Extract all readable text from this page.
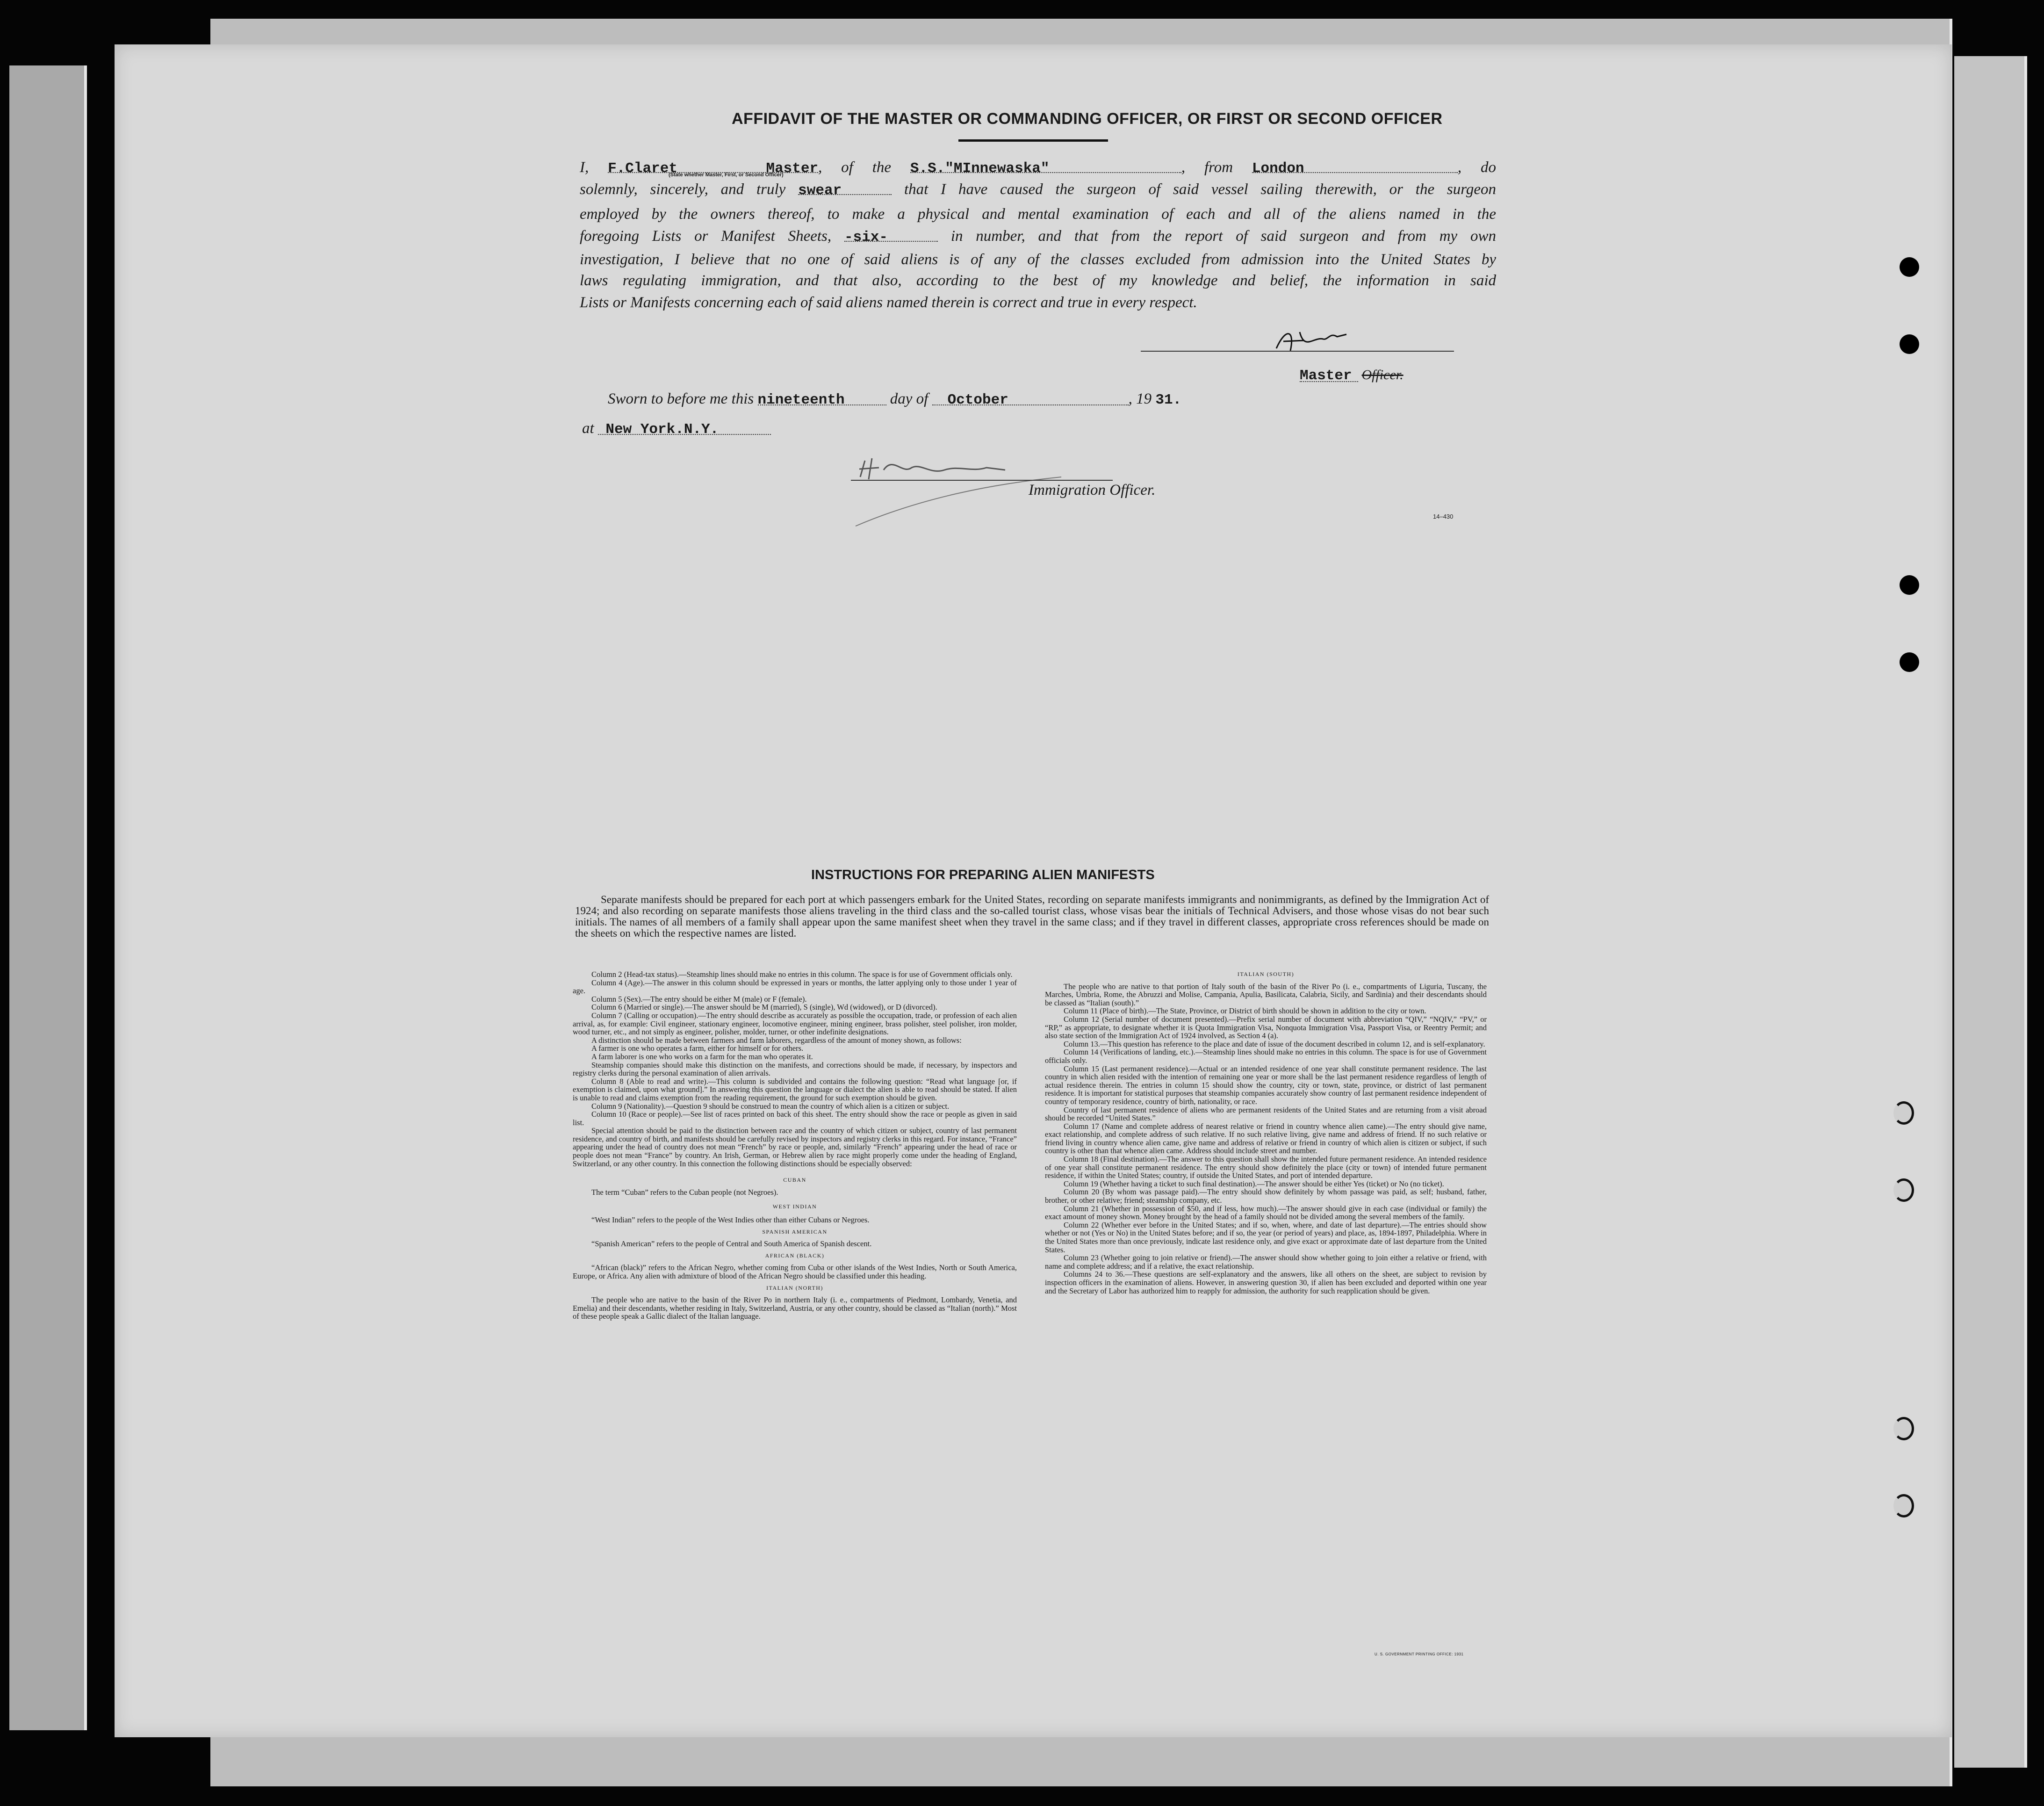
AFFIDAVIT OF THE MASTER OR COMMANDING OFFICER, OR FIRST OR SECOND OFFICER
I, F.Claret	Master, of the S.S."MInnewaska"	, from London	, do
(State whether Master, First, or Second Officer)
solemnly, sincerely, and truly swear	that I have caused the surgeon of said vessel sailing therewith, or the surgeon
employed by the owners thereof, to make a physical and mental examination of each and all of the aliens named in the
foregoing Lists or Manifest Sheets, -six-	in number, and that from the report of said surgeon and from my own
investigation, I believe that no one of said aliens is of any of the classes excluded from admission into the United States by
laws regulating immigration, and that also, according to the best of my knowledge and belief, the information in said
Lists or Manifests concerning each of said aliens named therein is correct and true in every respect.
Master Officer.
Sworn to before me this nineteenth	day of October	, 19 31.
at New York.N.Y.
Immigration Officer.
14–430
INSTRUCTIONS FOR PREPARING ALIEN MANIFESTS
Separate manifests should be prepared for each port at which passengers embark for the United States, recording on separate manifests immigrants and nonimmigrants, as defined by the Immigration Act of 1924; and also recording on separate manifests those aliens traveling in the third class and the so-called tourist class, whose visas bear the initials of Technical Advisers, and those whose visas do not bear such initials. The names of all members of a family shall appear upon the same manifest sheet when they travel in the same class; and if they travel in different classes, appropriate cross references should be made on the sheets on which the respective names are listed.

Column 2 (Head-tax status).—Steamship lines should make no entries in this column. The space is for use of Government officials only.

Column 4 (Age).—The answer in this column should be expressed in years or months, the latter applying only to those under 1 year of age.

Column 5 (Sex).—The entry should be either M (male) or F (female).

Column 6 (Married or single).—The answer should be M (married), S (single), Wd (widowed), or D (divorced).

Column 7 (Calling or occupation).—The entry should describe as accurately as possible the occupation, trade, or profession of each alien arrival, as, for example: Civil engineer, stationary engineer, locomotive engineer, mining engineer, brass polisher, steel polisher, iron molder, wood turner, etc., and not simply as engineer, polisher, molder, turner, or other indefinite designations.

A distinction should be made between farmers and farm laborers, regardless of the amount of money shown, as follows:

A farmer is one who operates a farm, either for himself or for others.

A farm laborer is one who works on a farm for the man who operates it.

Steamship companies should make this distinction on the manifests, and corrections should be made, if necessary, by inspectors and registry clerks during the personal examination of alien arrivals.

Column 8 (Able to read and write).—This column is subdivided and contains the following question: “Read what language [or, if exemption is claimed, upon what ground].” In answering this question the language or dialect the alien is able to read should be stated. If alien is unable to read and claims exemption from the reading requirement, the ground for such exemption should be given.

Column 9 (Nationality).—Question 9 should be construed to mean the country of which alien is a citizen or subject.

Column 10 (Race or people).—See list of races printed on back of this sheet. The entry should show the race or people as given in said list.

Special attention should be paid to the distinction between race and the country of which citizen or subject, country of last permanent residence, and country of birth, and manifests should be carefully revised by inspectors and registry clerks in this regard. For instance, “France” appearing under the head of country does not mean “French” by race or people, and, similarly “French” appearing under the head of race or people does not mean “France” by country. An Irish, German, or Hebrew alien by race might properly come under the heading of England, Switzerland, or any other country. In this connection the following distinctions should be especially observed:

CUBAN

The term “Cuban” refers to the Cuban people (not Negroes).

WEST INDIAN

“West Indian” refers to the people of the West Indies other than either Cubans or Negroes.

SPANISH AMERICAN

“Spanish American” refers to the people of Central and South America of Spanish descent.

AFRICAN (BLACK)

“African (black)” refers to the African Negro, whether coming from Cuba or other islands of the West Indies, North or South America, Europe, or Africa. Any alien with admixture of blood of the African Negro should be classified under this heading.

ITALIAN (NORTH)

The people who are native to the basin of the River Po in northern Italy (i. e., compartments of Piedmont, Lombardy, Venetia, and Emelia) and their descendants, whether residing in Italy, Switzerland, Austria, or any other country, should be classed as “Italian (north).” Most of these people speak a Gallic dialect of the Italian language.

ITALIAN (SOUTH)

The people who are native to that portion of Italy south of the basin of the River Po (i. e., compartments of Liguria, Tuscany, the Marches, Umbria, Rome, the Abruzzi and Molise, Campania, Apulia, Basilicata, Calabria, Sicily, and Sardinia) and their descendants should be classed as “Italian (south).”

Column 11 (Place of birth).—The State, Province, or District of birth should be shown in addition to the city or town.

Column 12 (Serial number of document presented).—Prefix serial number of document with abbreviation “QIV,” “NQIV,” “PV,” or “RP,” as appropriate, to designate whether it is Quota Immigration Visa, Nonquota Immigration Visa, Passport Visa, or Reentry Permit; and also state section of the Immigration Act of 1924 involved, as Section 4 (a).

Column 13.—This question has reference to the place and date of issue of the document described in column 12, and is self-explanatory.

Column 14 (Verifications of landing, etc.).—Steamship lines should make no entries in this column. The space is for use of Government officials only.

Column 15 (Last permanent residence).—Actual or an intended residence of one year shall constitute permanent residence. The last country in which alien resided with the intention of remaining one year or more shall be the last permanent residence regardless of length of actual residence therein. The entries in column 15 should show the country, city or town, state, province, or district of last permanent residence. It is important for statistical purposes that steamship companies accurately show country of last permanent residence independent of country of temporary residence, country of birth, nationality, or race.

Country of last permanent residence of aliens who are permanent residents of the United States and are returning from a visit abroad should be recorded “United States.”

Column 17 (Name and complete address of nearest relative or friend in country whence alien came).—The entry should give name, exact relationship, and complete address of such relative. If no such relative living, give name and address of friend. If no such relative or friend living in country whence alien came, give name and address of relative or friend in country of which alien is citizen or subject, if such country is other than that whence alien came. Address should include street and number.

Column 18 (Final destination).—The answer to this question shall show the intended future permanent residence. An intended residence of one year shall constitute permanent residence. The entry should show definitely the place (city or town) of intended future permanent residence, if within the United States; country, if outside the United States, and port of intended departure.

Column 19 (Whether having a ticket to such final destination).—The answer should be either Yes (ticket) or No (no ticket).

Column 20 (By whom was passage paid).—The entry should show definitely by whom passage was paid, as self; husband, father, brother, or other relative; friend; steamship company, etc.

Column 21 (Whether in possession of $50, and if less, how much).—The answer should give in each case (individual or family) the exact amount of money shown. Money brought by the head of a family should not be divided among the several members of the family.

Column 22 (Whether ever before in the United States; and if so, when, where, and date of last departure).—The entries should show whether or not (Yes or No) in the United States before; and if so, the year (or period of years) and place, as, 1894-1897, Philadelphia. Where in the United States more than once previously, indicate last residence only, and give exact or approximate date of last departure from the United States.

Column 23 (Whether going to join relative or friend).—The answer should show whether going to join either a relative or friend, with name and complete address; and if a relative, the exact relationship.

Columns 24 to 36.—These questions are self-explanatory and the answers, like all others on the sheet, are subject to revision by inspection officers in the examination of aliens. However, in answering question 30, if alien has been excluded and deported within one year and the Secretary of Labor has authorized him to reapply for admission, the authority for such reapplication should be given.

U. S. GOVERNMENT PRINTING OFFICE: 1931
